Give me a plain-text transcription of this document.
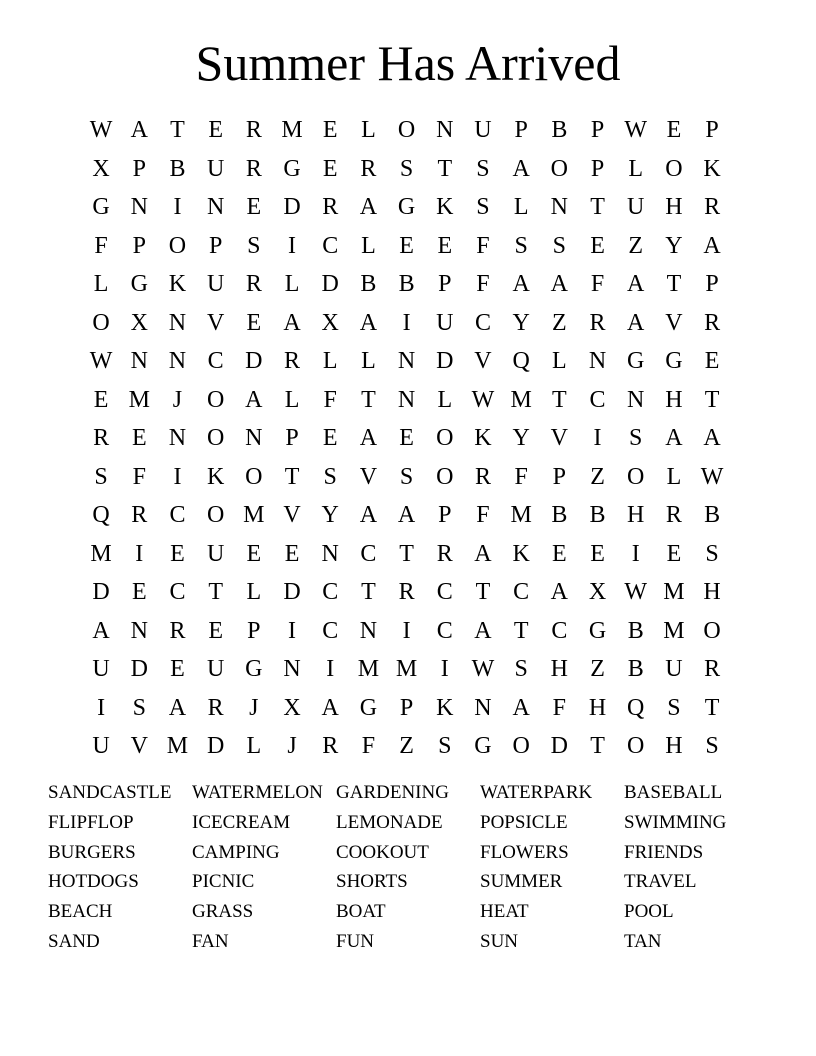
Summer Has Arrived
W A T E R M E L O N U P B P W E	P
X P B U R G E R S	T	S A O P	L O K
G N	I	N E D R A G K S	L N T U H R
F	P O P	S	I	C L E E	F	S	S	E Z Y A
L G K U R L D B B P	F A A F A T	P
O X N V E A X A	I	U C Y Z R A V R
W N N C D R L L N D V Q L N G G E
E M J	O A L	F	T N L W M T C N H T
R E N O N P	E A E O K Y V	I	S A A
S	F	I	K O T	S V S O R F	P	Z O L W
Q R C O M V Y A A P	F M B B H R B
M I	E U E E N C T R A K E E	I	E	S
D E C T L D C T R C T C A X W M H
A N R E	P	I	C N	I	C A T C G B M O
U D E U G N	I M M I W S H Z B U R
I	S A R	J	X A G P K N A F H Q S	T
U V M D L	J	R F	Z	S G O D T O H S
SANDCASTLE	WATERMELON GARDENING	WATERPARK	BASEBALL
FLIPFLOP	ICECREAM	LEMONADE	POPSICLE	SWIMMING
BURGERS	CAMPING	COOKOUT	FLOWERS	FRIENDS
HOTDOGS	PICNIC	SHORTS	SUMMER	TRAVEL
BEACH	GRASS	BOAT	HEAT	POOL
SAND	FAN	FUN	SUN	TAN
